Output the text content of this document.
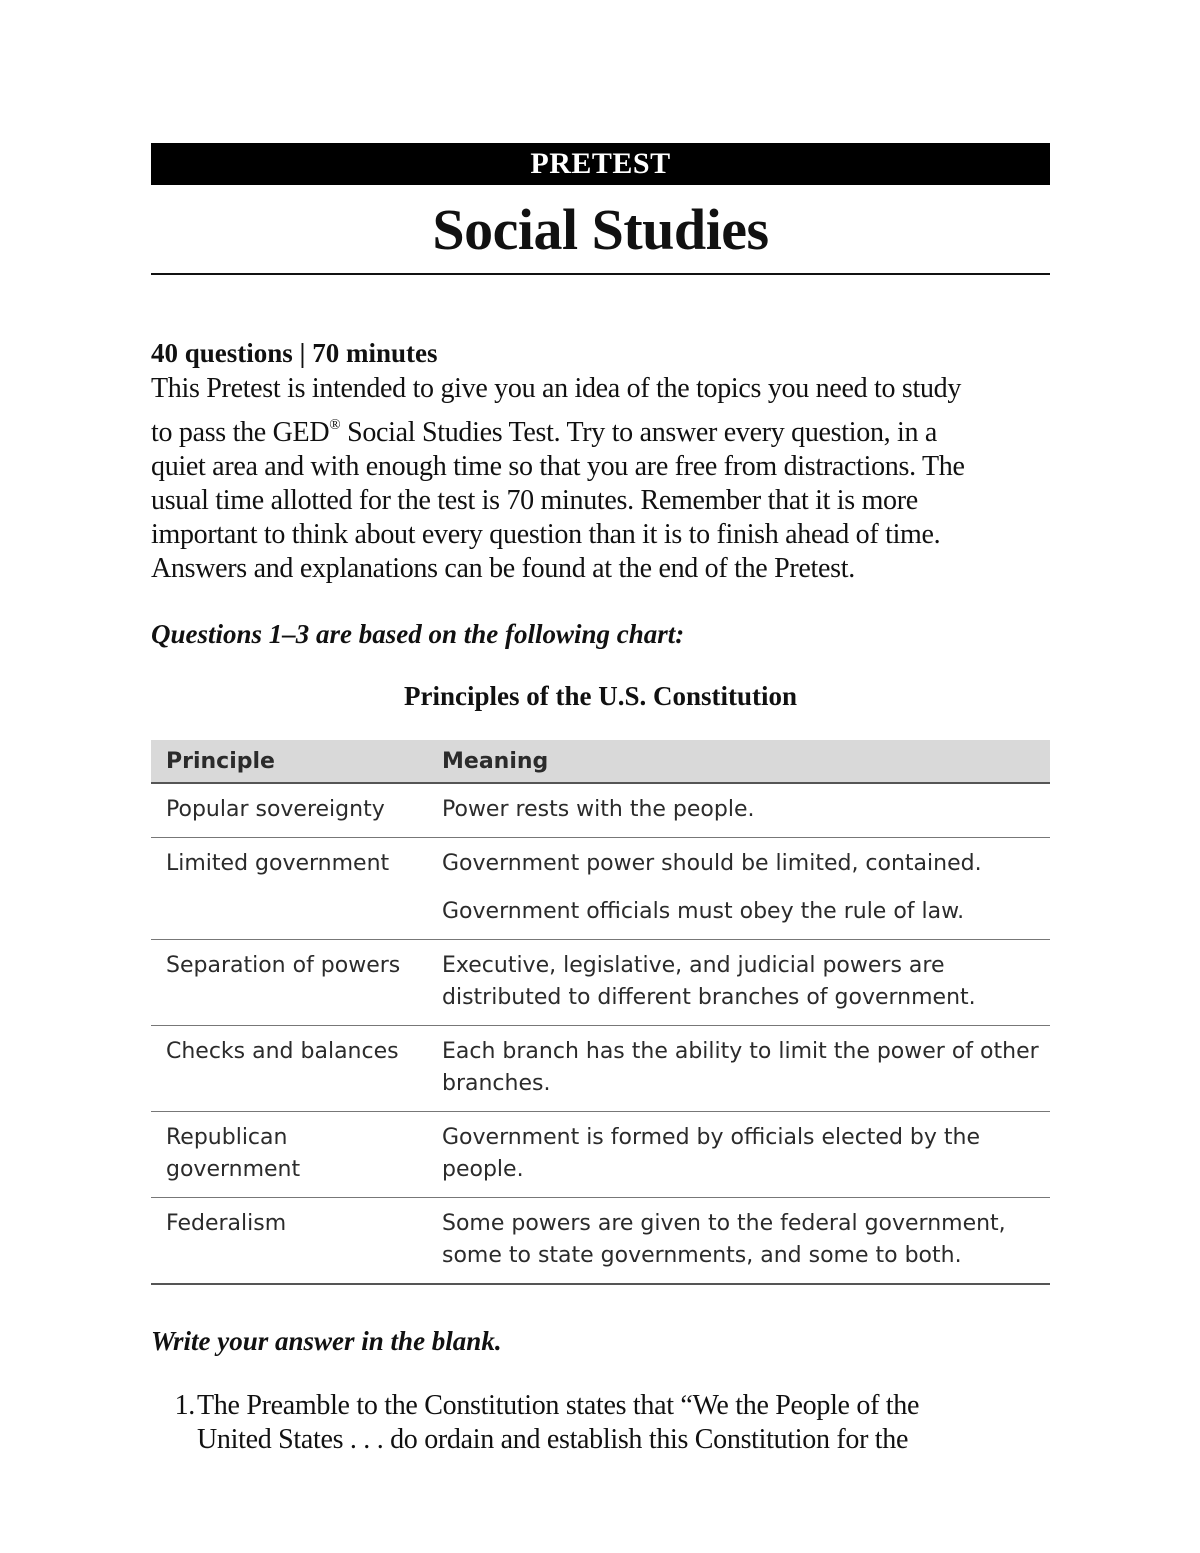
PRETEST
Social Studies
40 questions | 70 minutes
This Pretest is intended to give you an idea of the topics you need to study
to pass the GED® Social Studies Test. Try to answer every question, in a
quiet area and with enough time so that you are free from distractions. The
usual time allotted for the test is 70 minutes. Remember that it is more
important to think about every question than it is to finish ahead of time.
Answers and explanations can be found at the end of the Pretest.
Questions 1–3 are based on the following chart:
Principles of the U.S. Constitution
Principle	Meaning
Popular sovereignty	Power rests with the people.

Limited government	Government power should be limited, contained.
Government officials must obey the rule of law.

Separation of powers	Executive, legislative, and judicial powers are distributed to different branches of government.

Checks and balances	Each branch has the ability to limit the power of other branches.

Republican government	Government is formed by officials elected by the people.

Federalism	Some powers are given to the federal government, some to state governments, and some to both.
Write your answer in the blank.
1. The Preamble to the Constitution states that “We the People of the
United States . . . do ordain and establish this Constitution for the
